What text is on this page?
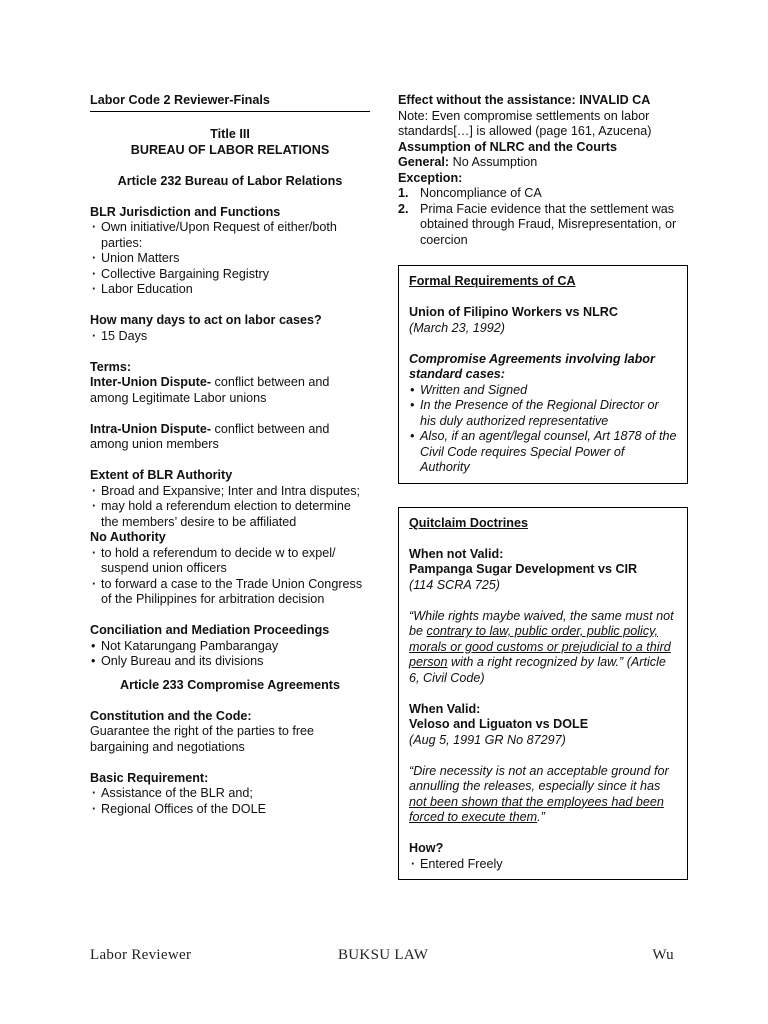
Labor Code 2 Reviewer-Finals
Title III
BUREAU OF LABOR RELATIONS
Article 232 Bureau of Labor Relations
BLR Jurisdiction and Functions
· Own initiative/Upon Request of either/both parties:
· Union Matters
· Collective Bargaining Registry
· Labor Education
How many days to act on labor cases?
· 15 Days
Terms:
Inter-Union Dispute- conflict between and among Legitimate Labor unions
Intra-Union Dispute- conflict between and among union members
Extent of BLR Authority
· Broad and Expansive; Inter and Intra disputes;
· may hold a referendum election to determine the members’ desire to be affiliated
No Authority
· to hold a referendum to decide w to expel/ suspend union officers
· to forward a case to the Trade Union Congress of the Philippines for arbitration decision
Conciliation and Mediation Proceedings
• Not Katarungang Pambarangay
• Only Bureau and its divisions
Article 233 Compromise Agreements
Constitution and the Code:
Guarantee the right of the parties to free bargaining and negotiations
Basic Requirement:
· Assistance of the BLR and;
· Regional Offices of the DOLE
Effect without the assistance: INVALID CA
Note: Even compromise settlements on labor standards[…] is allowed (page 161, Azucena)
Assumption of NLRC and the Courts
General: No Assumption
Exception:
1. Noncompliance of CA
2. Prima Facie evidence that the settlement was obtained through Fraud, Misrepresentation, or coercion
Formal Requirements of CA
Union of Filipino Workers vs NLRC
(March 23, 1992)
Compromise Agreements involving labor standard cases:
• Written and Signed
• In the Presence of the Regional Director or his duly authorized representative
• Also, if an agent/legal counsel, Art 1878 of the Civil Code requires Special Power of Authority
Quitclaim Doctrines
When not Valid:
Pampanga Sugar Development vs CIR
(114 SCRA 725)
“While rights maybe waived, the same must not be contrary to law, public order, public policy, morals or good customs or prejudicial to a third person with a right recognized by law.” (Article 6, Civil Code)
When Valid:
Veloso and Liguaton vs DOLE
(Aug 5, 1991 GR No 87297)
“Dire necessity is not an acceptable ground for annulling the releases, especially since it has not been shown that the employees had been forced to execute them.”
How?
· Entered Freely
Labor Reviewer	BUKSU LAW	Wu
